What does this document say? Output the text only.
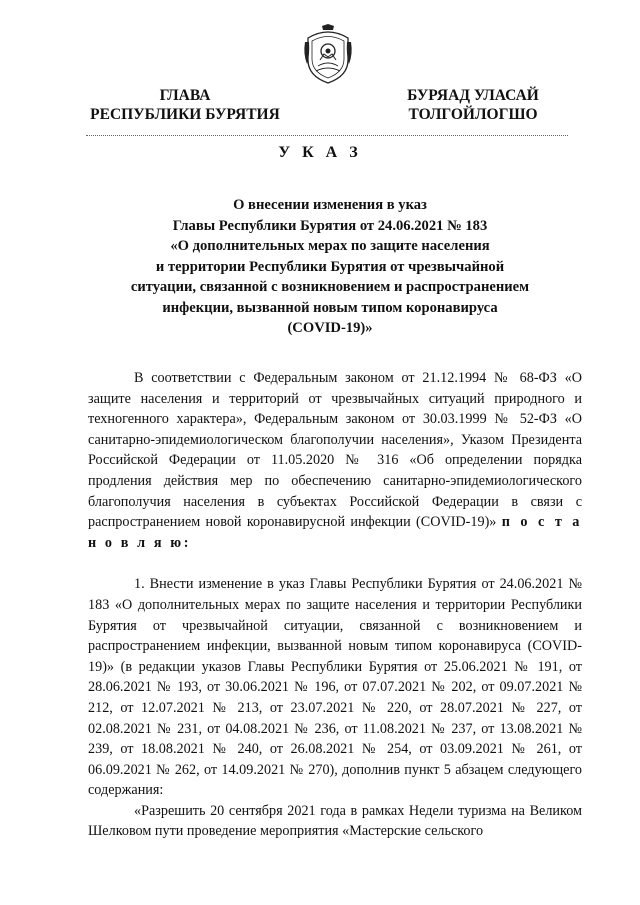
ГЛАВА
РЕСПУБЛИКИ БУРЯТИЯ
БУРЯАД УЛАСАЙ
ТОЛГОЙЛОГШО
У К А З
О внесении изменения в указ
Главы Республики Бурятия от 24.06.2021 № 183
«О дополнительных мерах по защите населения
и территории Республики Бурятия от чрезвычайной
ситуации, связанной с возникновением и распространением
инфекции, вызванной новым типом коронавируса
(COVID-19)»

В соответствии с Федеральным законом от 21.12.1994 № 68-ФЗ «О защите населения и территорий от чрезвычайных ситуаций природного и техногенного характера», Федеральным законом от 30.03.1999 № 52-ФЗ «О санитарно-эпидемиологическом благополучии населения», Указом Президента Российской Федерации от 11.05.2020 № 316 «Об определении порядка продления действия мер по обеспечению санитарно-эпидемиологического благополучия населения в субъектах Российской Федерации в связи с распространением новой коронавирусной инфекции (COVID-19)» п о с т а н о в л я ю:

1. Внести изменение в указ Главы Республики Бурятия от 24.06.2021 № 183 «О дополнительных мерах по защите населения и территории Республики Бурятия от чрезвычайной ситуации, связанной с возникновением и распространением инфекции, вызванной новым типом коронавируса (COVID-19)» (в редакции указов Главы Республики Бурятия от 25.06.2021 № 191, от 28.06.2021 № 193, от 30.06.2021 № 196, от 07.07.2021 № 202, от 09.07.2021 № 212, от 12.07.2021 № 213, от 23.07.2021 № 220, от 28.07.2021 № 227, от 02.08.2021 № 231, от 04.08.2021 № 236, от 11.08.2021 № 237, от 13.08.2021 № 239, от 18.08.2021 № 240, от 26.08.2021 № 254, от 03.09.2021 № 261, от 06.09.2021 № 262, от 14.09.2021 № 270), дополнив пункт 5 абзацем следующего содержания:

«Разрешить 20 сентября 2021 года в рамках Недели туризма на Великом Шелковом пути проведение мероприятия «Мастерские сельского
